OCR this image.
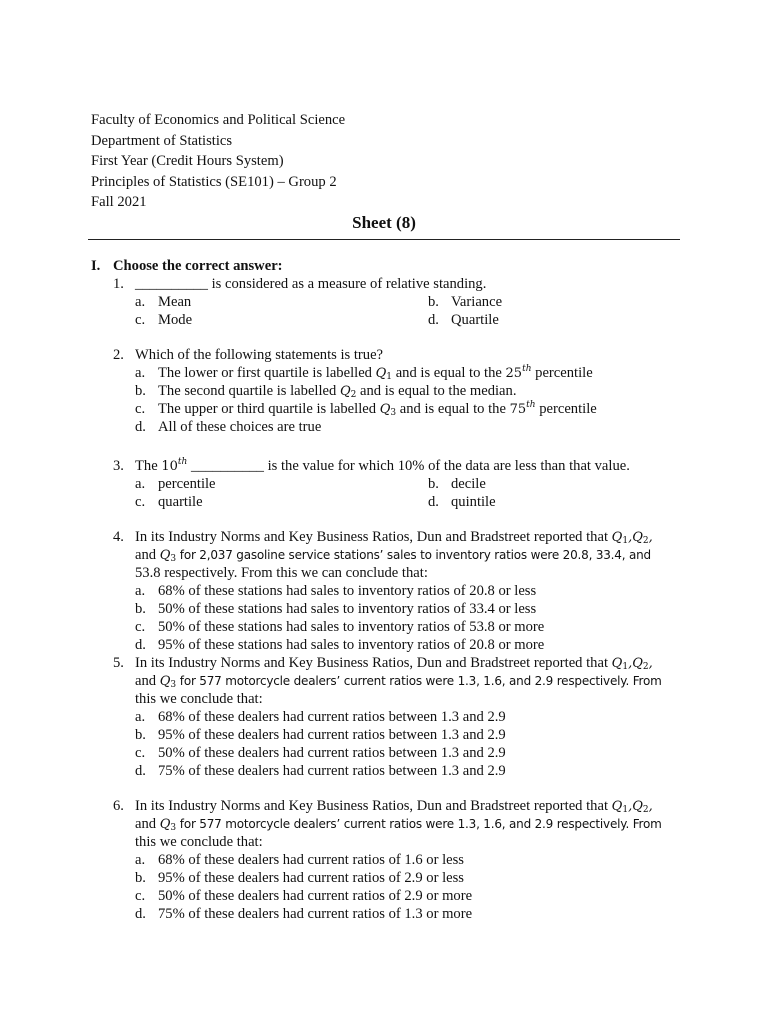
Faculty of Economics and Political Science
Department of Statistics
First Year (Credit Hours System)
Principles of Statistics (SE101) – Group 2
Fall 2021
Sheet (8)
I. Choose the correct answer:
1. __________ is considered as a measure of relative standing.
a. Mean	b. Variance
c. Mode	d. Quartile
2. Which of the following statements is true?
a. The lower or first quartile is labelled $Q_1$ and is equal to the 25th percentile
b. The second quartile is labelled $Q_2$ and is equal to the median.
c. The upper or third quartile is labelled $Q_3$ and is equal to the 75th percentile
d. All of these choices are true
3. The 10th __________ is the value for which 10% of the data are less than that value.
a. percentile	b. decile
c. quartile	d. quintile
4. In its Industry Norms and Key Business Ratios, Dun and Bradstreet reported that $Q_1,Q_2$,
and $Q_3$ for 2,037 gasoline service stations’ sales to inventory ratios were 20.8, 33.4, and
53.8 respectively. From this we can conclude that:
a. 68% of these stations had sales to inventory ratios of 20.8 or less
b. 50% of these stations had sales to inventory ratios of 33.4 or less
c. 50% of these stations had sales to inventory ratios of 53.8 or more
d. 95% of these stations had sales to inventory ratios of 20.8 or more
5. In its Industry Norms and Key Business Ratios, Dun and Bradstreet reported that $Q_1,Q_2$,
and $Q_3$ for 577 motorcycle dealers’ current ratios were 1.3, 1.6, and 2.9 respectively. From
this we conclude that:
a. 68% of these dealers had current ratios between 1.3 and 2.9
b. 95% of these dealers had current ratios between 1.3 and 2.9
c. 50% of these dealers had current ratios between 1.3 and 2.9
d. 75% of these dealers had current ratios between 1.3 and 2.9
6. In its Industry Norms and Key Business Ratios, Dun and Bradstreet reported that $Q_1,Q_2$,
and $Q_3$ for 577 motorcycle dealers’ current ratios were 1.3, 1.6, and 2.9 respectively. From
this we conclude that:
a. 68% of these dealers had current ratios of 1.6 or less
b. 95% of these dealers had current ratios of 2.9 or less
c. 50% of these dealers had current ratios of 2.9 or more
d. 75% of these dealers had current ratios of 1.3 or more
